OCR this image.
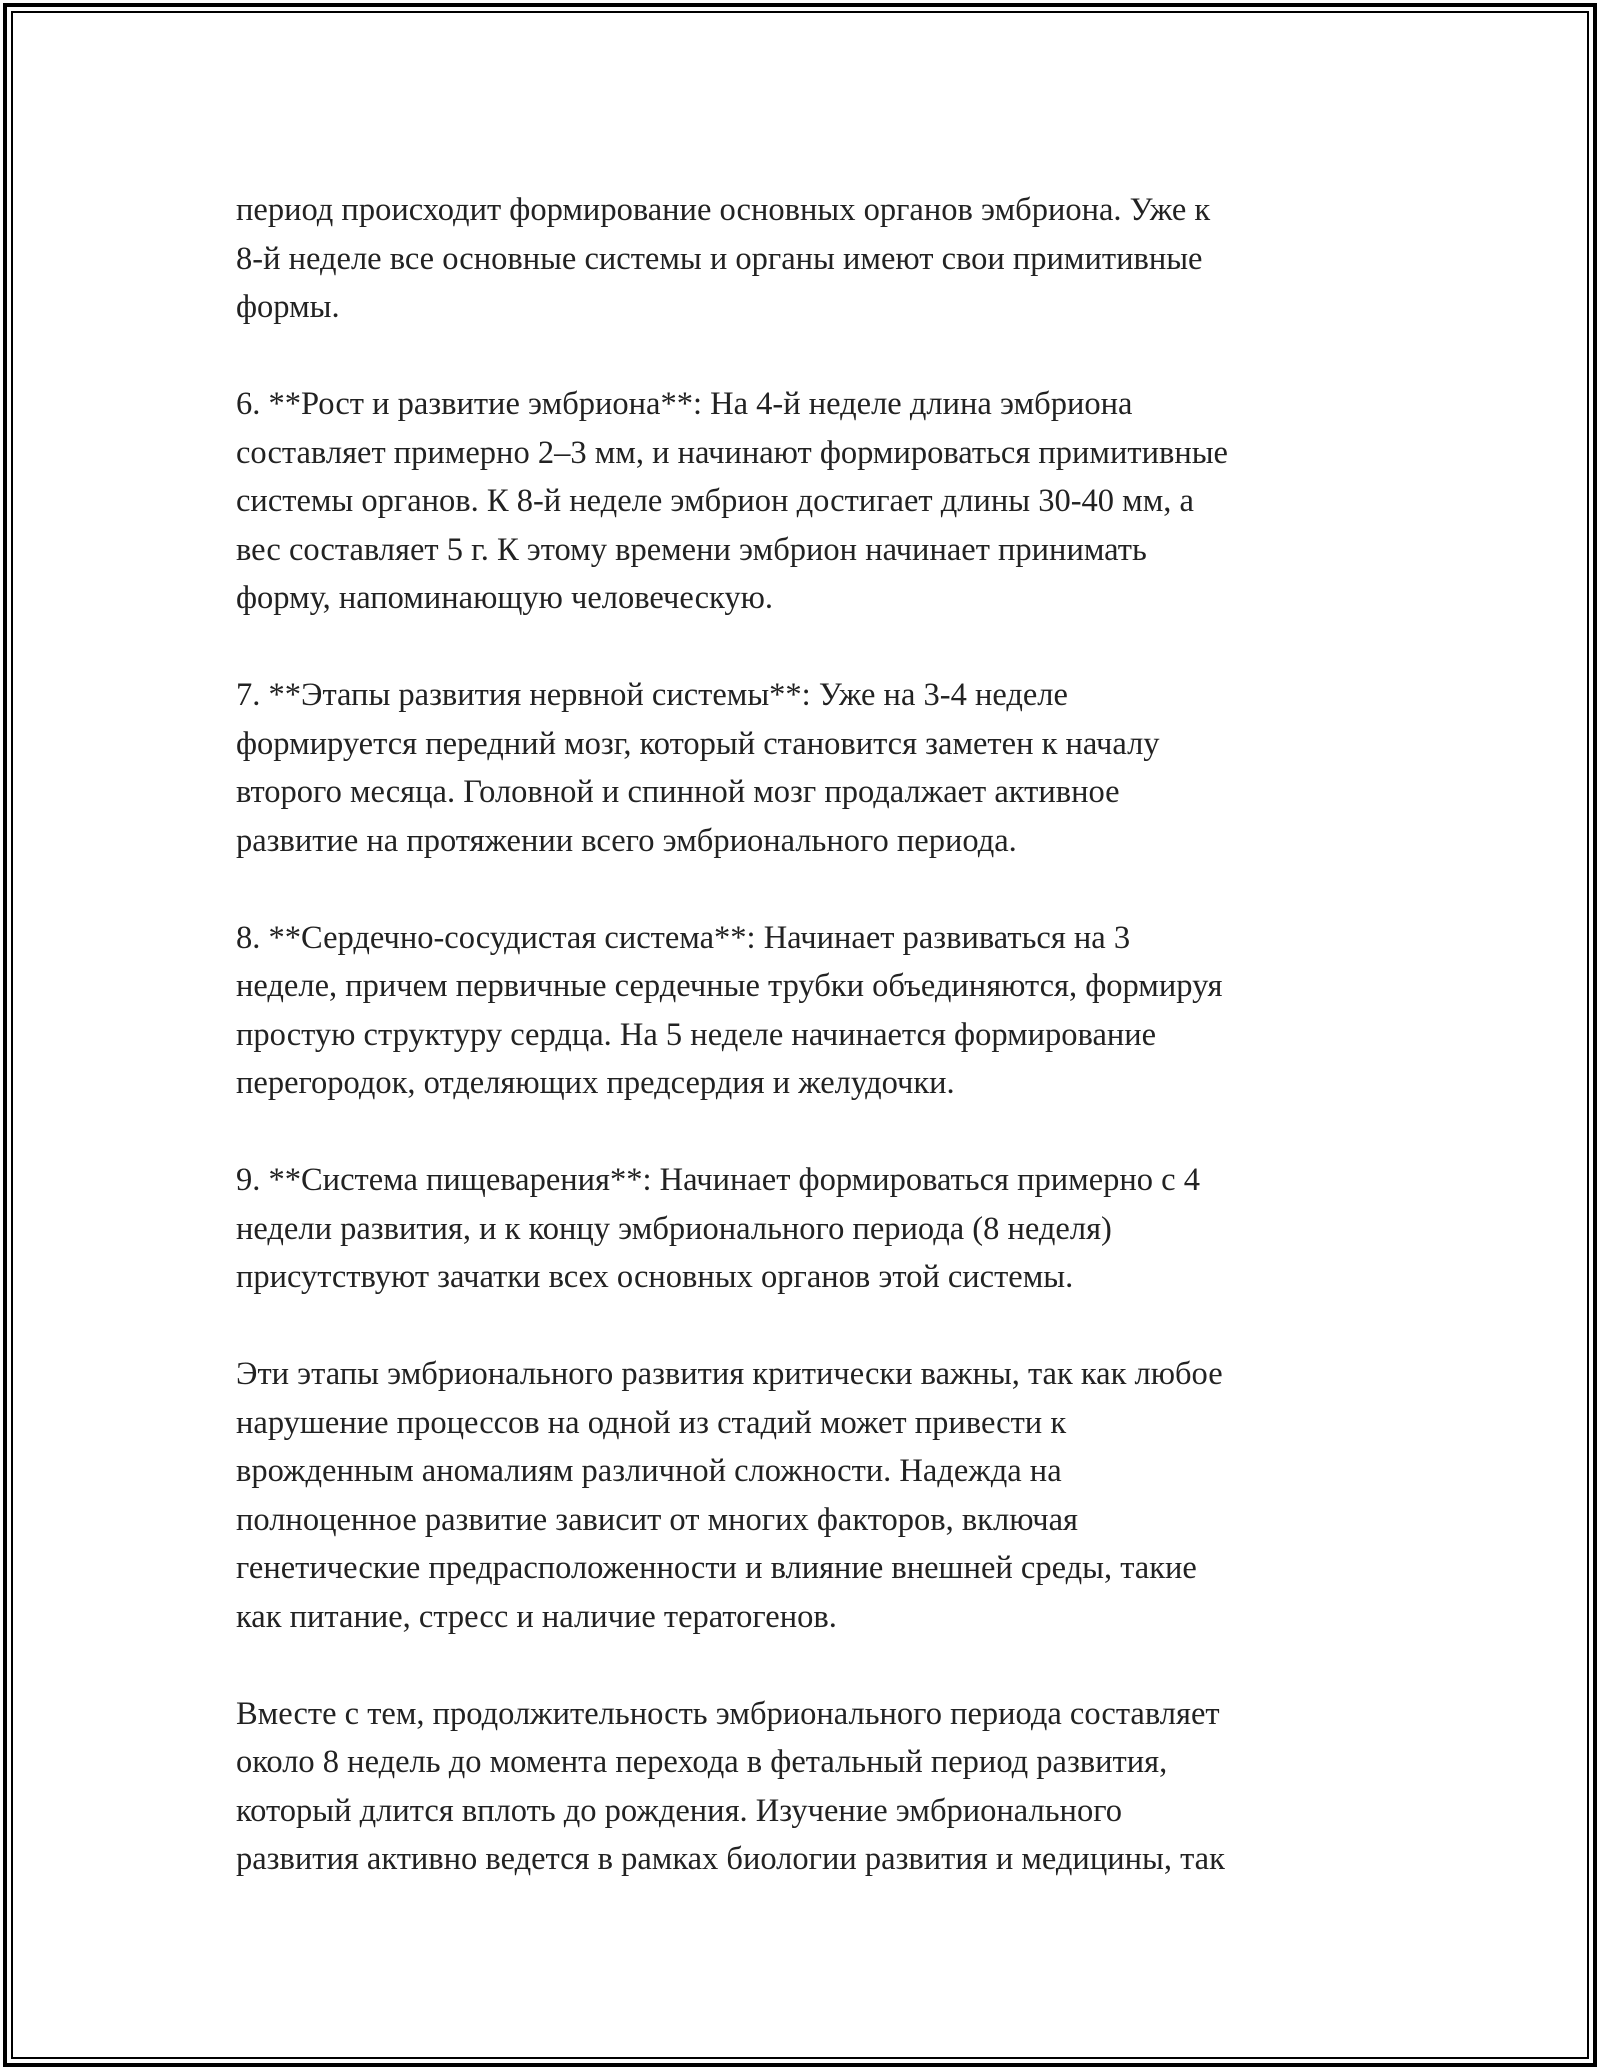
период происходит формирование основных органов эмбриона. Уже к
8-й неделе все основные системы и органы имеют свои примитивные
формы.

6. **Рост и развитие эмбриона**: На 4-й неделе длина эмбриона
составляет примерно 2–3 мм, и начинают формироваться примитивные
системы органов. К 8-й неделе эмбрион достигает длины 30-40 мм, а
вес составляет 5 г. К этому времени эмбрион начинает принимать
форму, напоминающую человеческую.

7. **Этапы развития нервной системы**: Уже на 3-4 неделе
формируется передний мозг, который становится заметен к началу
второго месяца. Головной и спинной мозг продалжает активное
развитие на протяжении всего эмбрионального периода.

8. **Сердечно-сосудистая система**: Начинает развиваться на 3
неделе, причем первичные сердечные трубки объединяются, формируя
простую структуру сердца. На 5 неделе начинается формирование
перегородок, отделяющих предсердия и желудочки.

9. **Система пищеварения**: Начинает формироваться примерно с 4
недели развития, и к концу эмбрионального периода (8 неделя)
присутствуют зачатки всех основных органов этой системы.

Эти этапы эмбрионального развития критически важны, так как любое
нарушение процессов на одной из стадий может привести к
врожденным аномалиям различной сложности. Надежда на
полноценное развитие зависит от многих факторов, включая
генетические предрасположенности и влияние внешней среды, такие
как питание, стресс и наличие тератогенов.

Вместе с тем, продолжительность эмбрионального периода составляет
около 8 недель до момента перехода в фетальный период развития,
который длится вплоть до рождения. Изучение эмбрионального
развития активно ведется в рамках биологии развития и медицины, так
